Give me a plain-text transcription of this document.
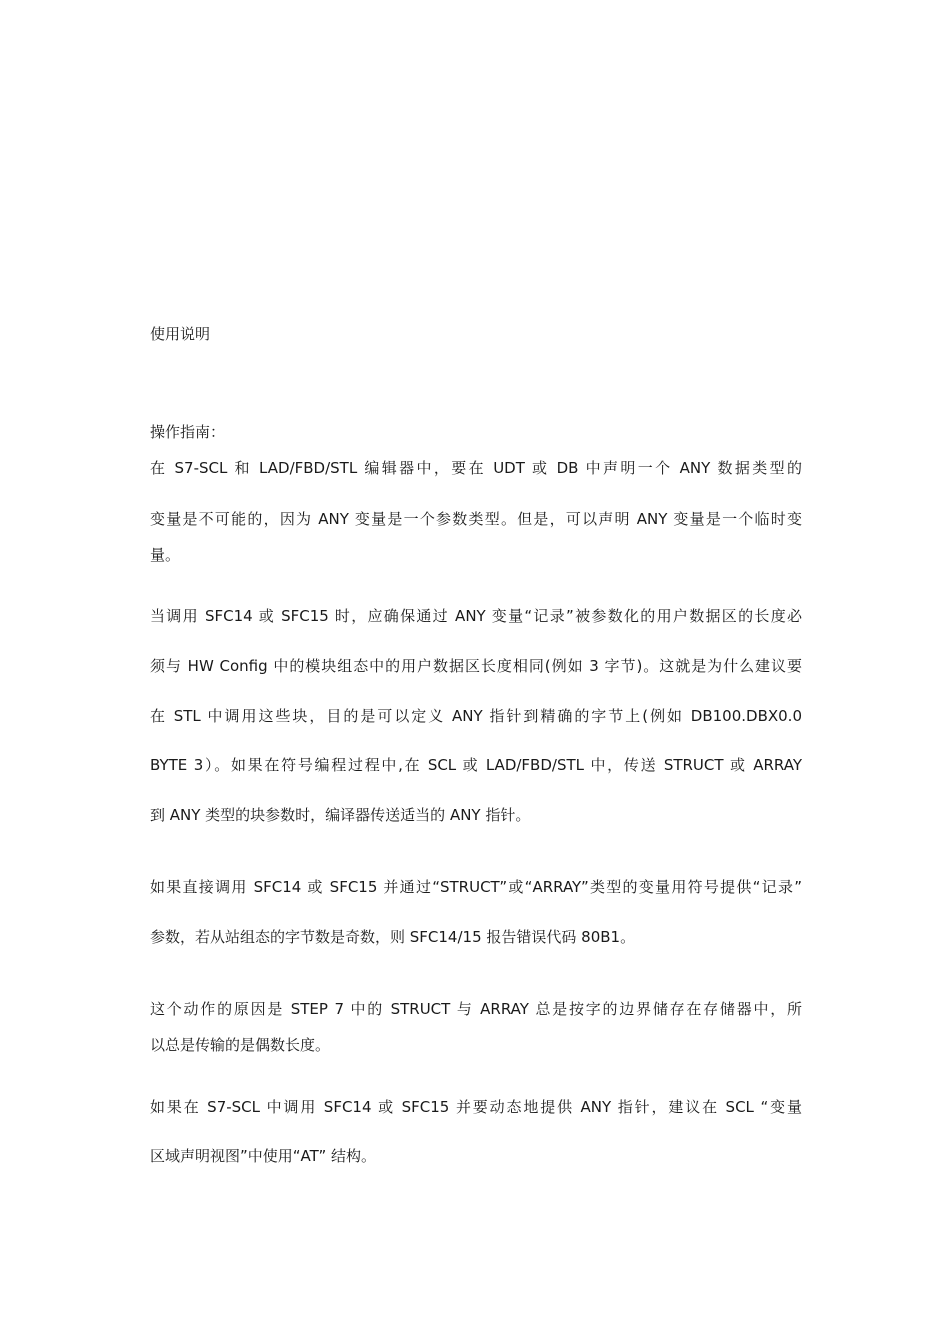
使用说明
操作指南：
在 S7-SCL 和 LAD/FBD/STL 编辑器中，要在 UDT 或 DB 中声明一个 ANY 数据类型的
变量是不可能的，因为 ANY 变量是一个参数类型。但是，可以声明 ANY 变量是一个临时变
量。
当调用 SFC14 或 SFC15 时，应确保通过 ANY 变量“记录”被参数化的用户数据区的长度必
须与 HW Config 中的模块组态中的用户数据区长度相同(例如 3 字节)。这就是为什么建议要
在 STL 中调用这些块，目的是可以定义 ANY 指针到精确的字节上(例如 DB100.DBX0.0
BYTE 3）。如果在符号编程过程中,在 SCL 或 LAD/FBD/STL 中，传送 STRUCT 或 ARRAY
到 ANY 类型的块参数时，编译器传送适当的 ANY 指针。
如果直接调用 SFC14 或 SFC15 并通过“STRUCT”或“ARRAY”类型的变量用符号提供“记录”
参数，若从站组态的字节数是奇数，则 SFC14/15 报告错误代码 80B1。
这个动作的原因是 STEP 7 中的 STRUCT 与 ARRAY 总是按字的边界储存在存储器中，所
以总是传输的是偶数长度。
如果在 S7-SCL 中调用 SFC14 或 SFC15 并要动态地提供 ANY 指针，建议在 SCL “变量
区域声明视图”中使用“AT” 结构。
